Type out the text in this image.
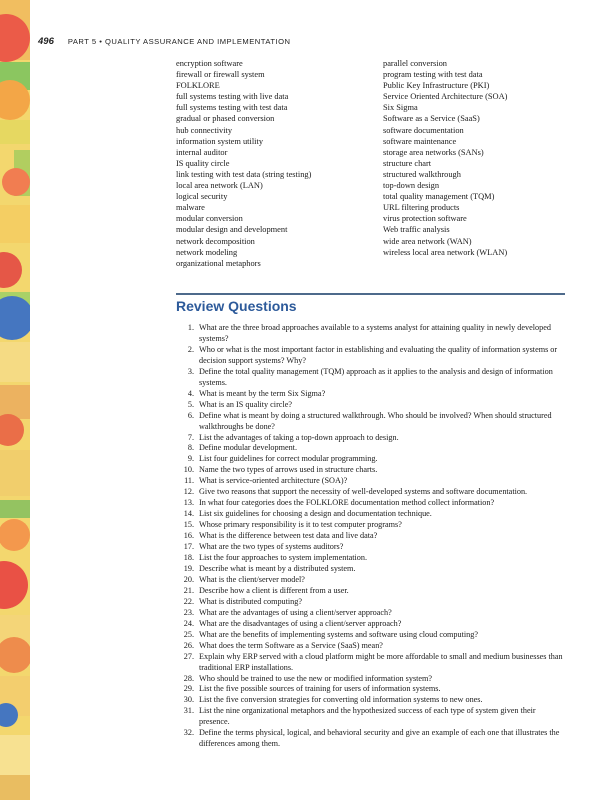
496 PART 5 • QUALITY ASSURANCE AND IMPLEMENTATION
encryption software
firewall or firewall system
FOLKLORE
full systems testing with live data
full systems testing with test data
gradual or phased conversion
hub connectivity
information system utility
internal auditor
IS quality circle
link testing with test data (string testing)
local area network (LAN)
logical security
malware
modular conversion
modular design and development
network decomposition
network modeling
organizational metaphors
parallel conversion
program testing with test data
Public Key Infrastructure (PKI)
Service Oriented Architecture (SOA)
Six Sigma
Software as a Service (SaaS)
software documentation
software maintenance
storage area networks (SANs)
structure chart
structured walkthrough
top-down design
total quality management (TQM)
URL filtering products
virus protection software
Web traffic analysis
wide area network (WAN)
wireless local area network (WLAN)
Review Questions
1. What are the three broad approaches available to a systems analyst for attaining quality in newly developed systems?
2. Who or what is the most important factor in establishing and evaluating the quality of information systems or decision support systems? Why?
3. Define the total quality management (TQM) approach as it applies to the analysis and design of information systems.
4. What is meant by the term Six Sigma?
5. What is an IS quality circle?
6. Define what is meant by doing a structured walkthrough. Who should be involved? When should structured walkthroughs be done?
7. List the advantages of taking a top-down approach to design.
8. Define modular development.
9. List four guidelines for correct modular programming.
10. Name the two types of arrows used in structure charts.
11. What is service-oriented architecture (SOA)?
12. Give two reasons that support the necessity of well-developed systems and software documentation.
13. In what four categories does the FOLKLORE documentation method collect information?
14. List six guidelines for choosing a design and documentation technique.
15. Whose primary responsibility is it to test computer programs?
16. What is the difference between test data and live data?
17. What are the two types of systems auditors?
18. List the four approaches to system implementation.
19. Describe what is meant by a distributed system.
20. What is the client/server model?
21. Describe how a client is different from a user.
22. What is distributed computing?
23. What are the advantages of using a client/server approach?
24. What are the disadvantages of using a client/server approach?
25. What are the benefits of implementing systems and software using cloud computing?
26. What does the term Software as a Service (SaaS) mean?
27. Explain why ERP served with a cloud platform might be more affordable to small and medium businesses than traditional ERP installations.
28. Who should be trained to use the new or modified information system?
29. List the five possible sources of training for users of information systems.
30. List the five conversion strategies for converting old information systems to new ones.
31. List the nine organizational metaphors and the hypothesized success of each type of system given their presence.
32. Define the terms physical, logical, and behavioral security and give an example of each one that illustrates the differences among them.
